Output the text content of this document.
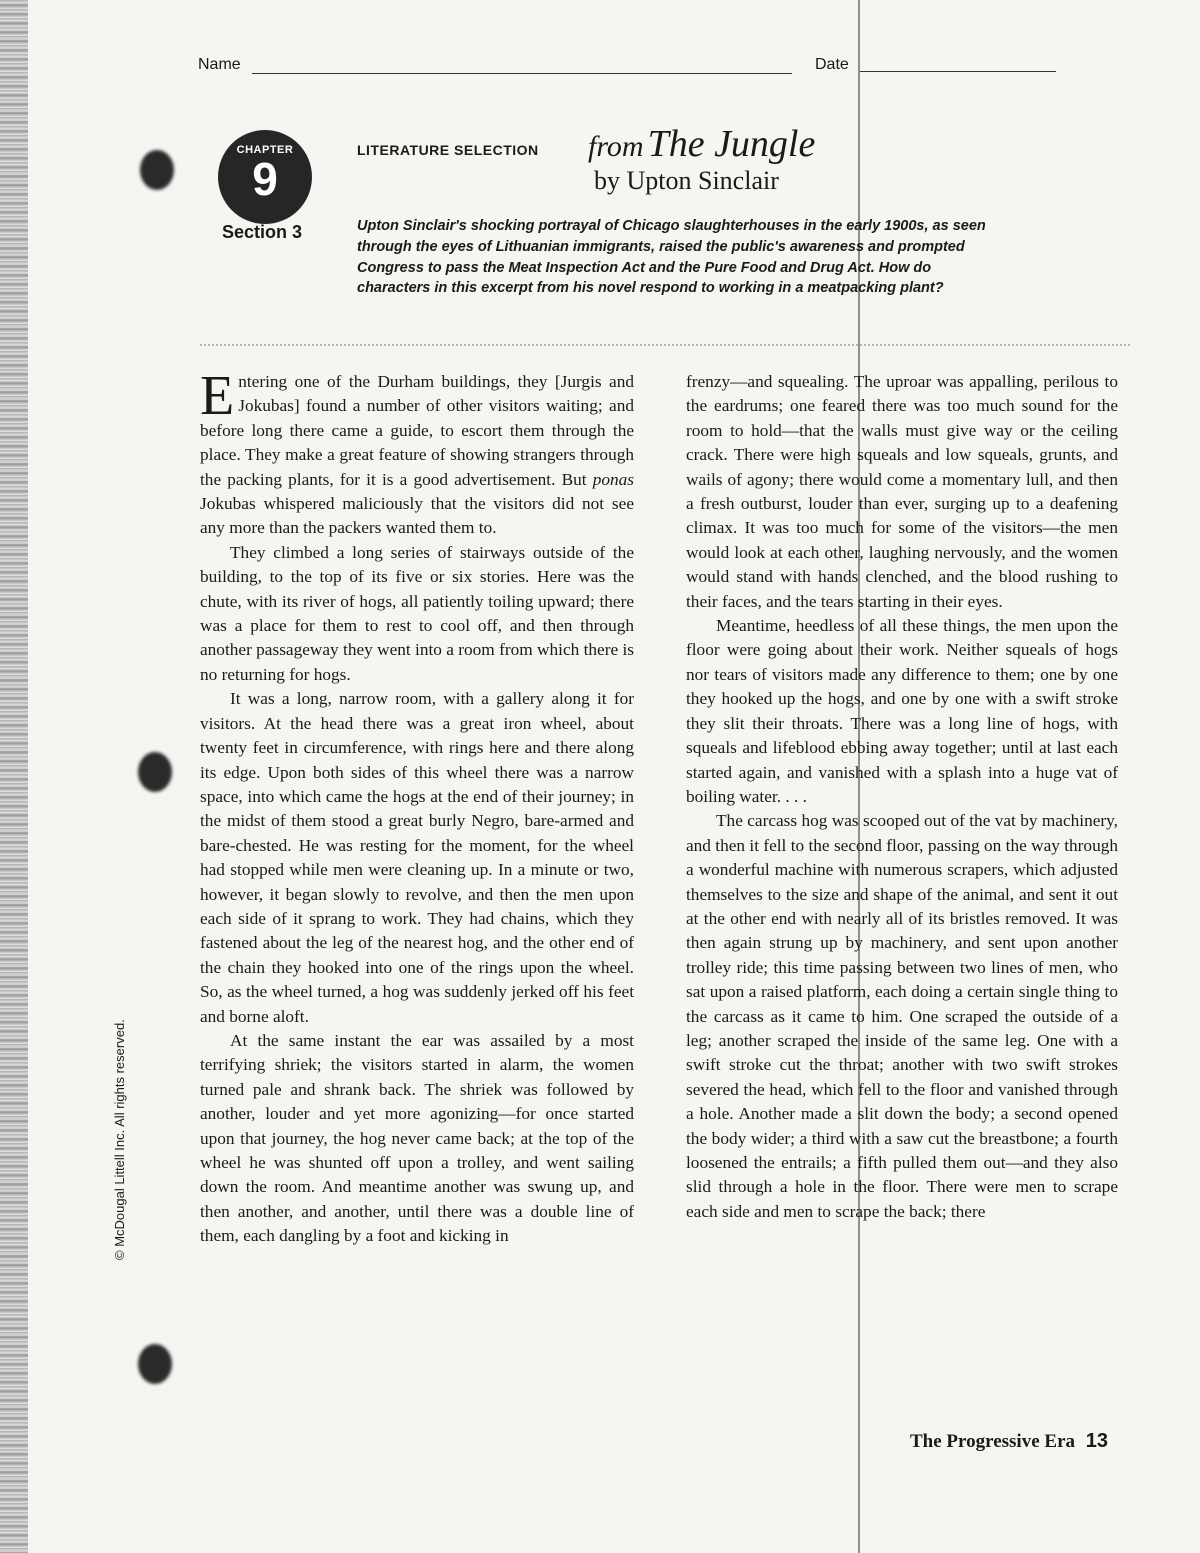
© McDougal Littell Inc. All rights reserved.
Name	Date
CHAPTER
9
Section 3
LITERATURE SELECTION from The Jungle
by Upton Sinclair
Upton Sinclair's shocking portrayal of Chicago slaughterhouses in the early 1900s, as seen through the eyes of Lithuanian immigrants, raised the public's awareness and prompted Congress to pass the Meat Inspection Act and the Pure Food and Drug Act. How do characters in this excerpt from his novel respond to working in a meatpacking plant?

Entering one of the Durham buildings, they [Jurgis and Jokubas] found a number of other visitors waiting; and before long there came a guide, to escort them through the place. They make a great feature of showing strangers through the packing plants, for it is a good advertisement. But ponas Jokubas whispered maliciously that the visitors did not see any more than the packers wanted them to.

They climbed a long series of stairways outside of the building, to the top of its five or six stories. Here was the chute, with its river of hogs, all patiently toiling upward; there was a place for them to rest to cool off, and then through another passageway they went into a room from which there is no returning for hogs.

It was a long, narrow room, with a gallery along it for visitors. At the head there was a great iron wheel, about twenty feet in circumference, with rings here and there along its edge. Upon both sides of this wheel there was a narrow space, into which came the hogs at the end of their journey; in the midst of them stood a great burly Negro, bare-armed and bare-chested. He was resting for the moment, for the wheel had stopped while men were cleaning up. In a minute or two, however, it began slowly to revolve, and then the men upon each side of it sprang to work. They had chains, which they fastened about the leg of the nearest hog, and the other end of the chain they hooked into one of the rings upon the wheel. So, as the wheel turned, a hog was suddenly jerked off his feet and borne aloft.

At the same instant the ear was assailed by a most terrifying shriek; the visitors started in alarm, the women turned pale and shrank back. The shriek was followed by another, louder and yet more agonizing—for once started upon that journey, the hog never came back; at the top of the wheel he was shunted off upon a trolley, and went sailing down the room. And meantime another was swung up, and then another, and another, until there was a double line of them, each dangling by a foot and kicking in

frenzy—and squealing. The uproar was appalling, perilous to the eardrums; one feared there was too much sound for the room to hold—that the walls must give way or the ceiling crack. There were high squeals and low squeals, grunts, and wails of agony; there would come a momentary lull, and then a fresh outburst, louder than ever, surging up to a deafening climax. It was too much for some of the visitors—the men would look at each other, laughing nervously, and the women would stand with hands clenched, and the blood rushing to their faces, and the tears starting in their eyes.

Meantime, heedless of all these things, the men upon the floor were going about their work. Neither squeals of hogs nor tears of visitors made any difference to them; one by one they hooked up the hogs, and one by one with a swift stroke they slit their throats. There was a long line of hogs, with squeals and lifeblood ebbing away together; until at last each started again, and vanished with a splash into a huge vat of boiling water. . . .

The carcass hog was scooped out of the vat by machinery, and then it fell to the second floor, passing on the way through a wonderful machine with numerous scrapers, which adjusted themselves to the size and shape of the animal, and sent it out at the other end with nearly all of its bristles removed. It was then again strung up by machinery, and sent upon another trolley ride; this time passing between two lines of men, who sat upon a raised platform, each doing a certain single thing to the carcass as it came to him. One scraped the outside of a leg; another scraped the inside of the same leg. One with a swift stroke cut the throat; another with two swift strokes severed the head, which fell to the floor and vanished through a hole. Another made a slit down the body; a second opened the body wider; a third with a saw cut the breastbone; a fourth loosened the entrails; a fifth pulled them out—and they also slid through a hole in the floor. There were men to scrape each side and men to scrape the back; there

The Progressive Era 13
